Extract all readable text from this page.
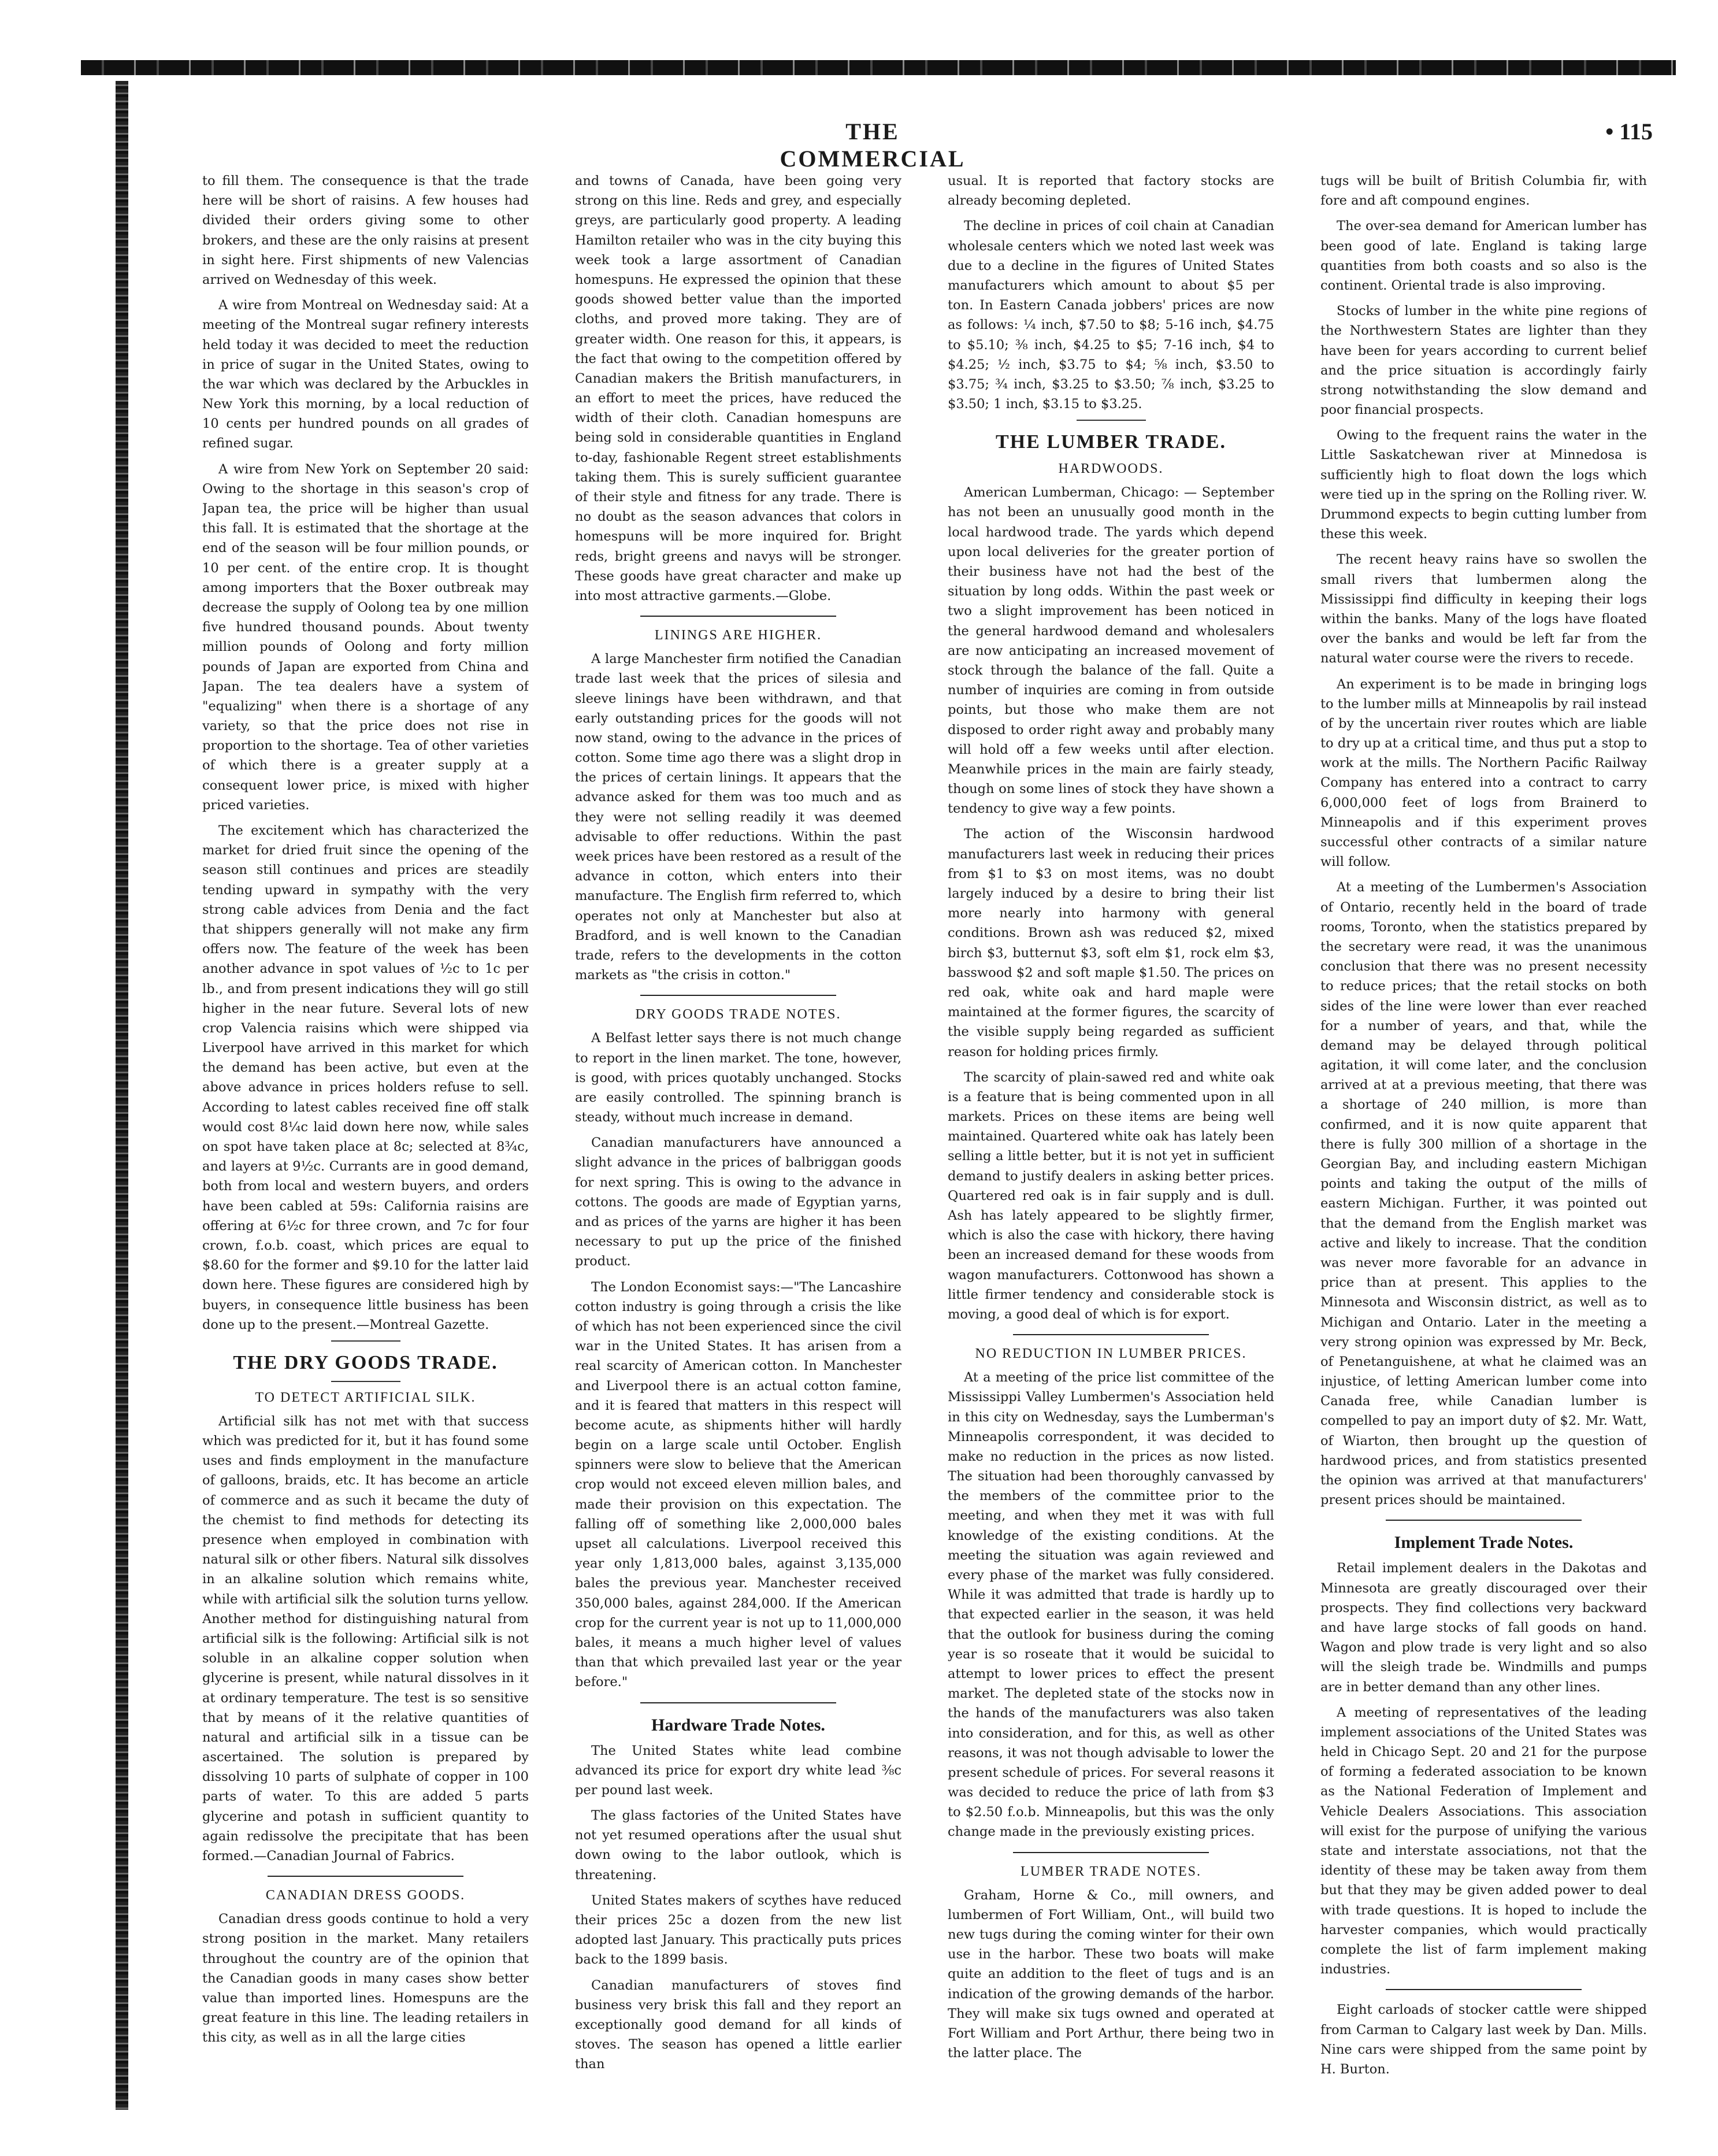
THE COMMERCIAL
• 115

to fill them. The consequence is that the trade here will be short of raisins. A few houses had divided their orders giving some to other brokers, and these are the only raisins at present in sight here. First shipments of new Valencias arrived on Wednesday of this week.

A wire from Montreal on Wednesday said: At a meeting of the Montreal sugar refinery interests held today it was decided to meet the reduction in price of sugar in the United States, owing to the war which was declared by the Arbuckles in New York this morning, by a local reduction of 10 cents per hundred pounds on all grades of refined sugar.

A wire from New York on September 20 said: Owing to the shortage in this season's crop of Japan tea, the price will be higher than usual this fall. It is estimated that the shortage at the end of the season will be four million pounds, or 10 per cent. of the entire crop. It is thought among importers that the Boxer outbreak may decrease the supply of Oolong tea by one million five hundred thousand pounds. About twenty million pounds of Oolong and forty million pounds of Japan are exported from China and Japan. The tea dealers have a system of "equalizing" when there is a shortage of any variety, so that the price does not rise in proportion to the shortage. Tea of other varieties of which there is a greater supply at a consequent lower price, is mixed with higher priced varieties.

The excitement which has characterized the market for dried fruit since the opening of the season still continues and prices are steadily tending upward in sympathy with the very strong cable advices from Denia and the fact that shippers generally will not make any firm offers now. The feature of the week has been another advance in spot values of ½c to 1c per lb., and from present indications they will go still higher in the near future. Several lots of new crop Valencia raisins which were shipped via Liverpool have arrived in this market for which the demand has been active, but even at the above advance in prices holders refuse to sell. According to latest cables received fine off stalk would cost 8¼c laid down here now, while sales on spot have taken place at 8c; selected at 8¾c, and layers at 9½c. Currants are in good demand, both from local and western buyers, and orders have been cabled at 59s: California raisins are offering at 6½c for three crown, and 7c for four crown, f.o.b. coast, which prices are equal to $8.60 for the former and $9.10 for the latter laid down here. These figures are considered high by buyers, in consequence little business has been done up to the present.—Montreal Gazette.

THE DRY GOODS TRADE.
TO DETECT ARTIFICIAL SILK.

Artificial silk has not met with that success which was predicted for it, but it has found some uses and finds employment in the manufacture of galloons, braids, etc. It has become an article of commerce and as such it became the duty of the chemist to find methods for detecting its presence when employed in combination with natural silk or other fibers. Natural silk dissolves in an alkaline solution which remains white, while with artificial silk the solution turns yellow. Another method for distinguishing natural from artificial silk is the following: Artificial silk is not soluble in an alkaline copper solution when glycerine is present, while natural dissolves in it at ordinary temperature. The test is so sensitive that by means of it the relative quantities of natural and artificial silk in a tissue can be ascertained. The solution is prepared by dissolving 10 parts of sulphate of copper in 100 parts of water. To this are added 5 parts glycerine and potash in sufficient quantity to again redissolve the precipitate that has been formed.—Canadian Journal of Fabrics.

CANADIAN DRESS GOODS.

Canadian dress goods continue to hold a very strong position in the market. Many retailers throughout the country are of the opinion that the Canadian goods in many cases show better value than imported lines. Homespuns are the great feature in this line. The leading retailers in this city, as well as in all the large cities

and towns of Canada, have been going very strong on this line. Reds and grey, and especially greys, are particularly good property. A leading Hamilton retailer who was in the city buying this week took a large assortment of Canadian homespuns. He expressed the opinion that these goods showed better value than the imported cloths, and proved more taking. They are of greater width. One reason for this, it appears, is the fact that owing to the competition offered by Canadian makers the British manufacturers, in an effort to meet the prices, have reduced the width of their cloth. Canadian homespuns are being sold in considerable quantities in England to-day, fashionable Regent street establishments taking them. This is surely sufficient guarantee of their style and fitness for any trade. There is no doubt as the season advances that colors in homespuns will be more inquired for. Bright reds, bright greens and navys will be stronger. These goods have great character and make up into most attractive garments.—Globe.

LININGS ARE HIGHER.

A large Manchester firm notified the Canadian trade last week that the prices of silesia and sleeve linings have been withdrawn, and that early outstanding prices for the goods will not now stand, owing to the advance in the prices of cotton. Some time ago there was a slight drop in the prices of certain linings. It appears that the advance asked for them was too much and as they were not selling readily it was deemed advisable to offer reductions. Within the past week prices have been restored as a result of the advance in cotton, which enters into their manufacture. The English firm referred to, which operates not only at Manchester but also at Bradford, and is well known to the Canadian trade, refers to the developments in the cotton markets as "the crisis in cotton."

DRY GOODS TRADE NOTES.

A Belfast letter says there is not much change to report in the linen market. The tone, however, is good, with prices quotably unchanged. Stocks are easily controlled. The spinning branch is steady, without much increase in demand.

Canadian manufacturers have announced a slight advance in the prices of balbriggan goods for next spring. This is owing to the advance in cottons. The goods are made of Egyptian yarns, and as prices of the yarns are higher it has been necessary to put up the price of the finished product.

The London Economist says:—"The Lancashire cotton industry is going through a crisis the like of which has not been experienced since the civil war in the United States. It has arisen from a real scarcity of American cotton. In Manchester and Liverpool there is an actual cotton famine, and it is feared that matters in this respect will become acute, as shipments hither will hardly begin on a large scale until October. English spinners were slow to believe that the American crop would not exceed eleven million bales, and made their provision on this expectation. The falling off of something like 2,000,000 bales upset all calculations. Liverpool received this year only 1,813,000 bales, against 3,135,000 bales the previous year. Manchester received 350,000 bales, against 284,000. If the American crop for the current year is not up to 11,000,000 bales, it means a much higher level of values than that which prevailed last year or the year before."

Hardware Trade Notes.

The United States white lead combine advanced its price for export dry white lead ⅜c per pound last week.

The glass factories of the United States have not yet resumed operations after the usual shut down owing to the labor outlook, which is threatening.

United States makers of scythes have reduced their prices 25c a dozen from the new list adopted last January. This practically puts prices back to the 1899 basis.

Canadian manufacturers of stoves find business very brisk this fall and they report an exceptionally good demand for all kinds of stoves. The season has opened a little earlier than

usual. It is reported that factory stocks are already becoming depleted.

The decline in prices of coil chain at Canadian wholesale centers which we noted last week was due to a decline in the figures of United States manufacturers which amount to about $5 per ton. In Eastern Canada jobbers' prices are now as follows: ¼ inch, $7.50 to $8; 5-16 inch, $4.75 to $5.10; ⅜ inch, $4.25 to $5; 7-16 inch, $4 to $4.25; ½ inch, $3.75 to $4; ⅝ inch, $3.50 to $3.75; ¾ inch, $3.25 to $3.50; ⅞ inch, $3.25 to $3.50; 1 inch, $3.15 to $3.25.

THE LUMBER TRADE.
HARDWOODS.

American Lumberman, Chicago: — September has not been an unusually good month in the local hardwood trade. The yards which depend upon local deliveries for the greater portion of their business have not had the best of the situation by long odds. Within the past week or two a slight improvement has been noticed in the general hardwood demand and wholesalers are now anticipating an increased movement of stock through the balance of the fall. Quite a number of inquiries are coming in from outside points, but those who make them are not disposed to order right away and probably many will hold off a few weeks until after election. Meanwhile prices in the main are fairly steady, though on some lines of stock they have shown a tendency to give way a few points.

The action of the Wisconsin hardwood manufacturers last week in reducing their prices from $1 to $3 on most items, was no doubt largely induced by a desire to bring their list more nearly into harmony with general conditions. Brown ash was reduced $2, mixed birch $3, butternut $3, soft elm $1, rock elm $3, basswood $2 and soft maple $1.50. The prices on red oak, white oak and hard maple were maintained at the former figures, the scarcity of the visible supply being regarded as sufficient reason for holding prices firmly.

The scarcity of plain-sawed red and white oak is a feature that is being commented upon in all markets. Prices on these items are being well maintained. Quartered white oak has lately been selling a little better, but it is not yet in sufficient demand to justify dealers in asking better prices. Quartered red oak is in fair supply and is dull. Ash has lately appeared to be slightly firmer, which is also the case with hickory, there having been an increased demand for these woods from wagon manufacturers. Cottonwood has shown a little firmer tendency and considerable stock is moving, a good deal of which is for export.

NO REDUCTION IN LUMBER PRICES.

At a meeting of the price list committee of the Mississippi Valley Lumbermen's Association held in this city on Wednesday, says the Lumberman's Minneapolis correspondent, it was decided to make no reduction in the prices as now listed. The situation had been thoroughly canvassed by the members of the committee prior to the meeting, and when they met it was with full knowledge of the existing conditions. At the meeting the situation was again reviewed and every phase of the market was fully considered. While it was admitted that trade is hardly up to that expected earlier in the season, it was held that the outlook for business during the coming year is so roseate that it would be suicidal to attempt to lower prices to effect the present market. The depleted state of the stocks now in the hands of the manufacturers was also taken into consideration, and for this, as well as other reasons, it was not though advisable to lower the present schedule of prices. For several reasons it was decided to reduce the price of lath from $3 to $2.50 f.o.b. Minneapolis, but this was the only change made in the previously existing prices.

LUMBER TRADE NOTES.

Graham, Horne & Co., mill owners, and lumbermen of Fort William, Ont., will build two new tugs during the coming winter for their own use in the harbor. These two boats will make quite an addition to the fleet of tugs and is an indication of the growing demands of the harbor. They will make six tugs owned and operated at Fort William and Port Arthur, there being two in the latter place. The

tugs will be built of British Columbia fir, with fore and aft compound engines.

The over-sea demand for American lumber has been good of late. England is taking large quantities from both coasts and so also is the continent. Oriental trade is also improving.

Stocks of lumber in the white pine regions of the Northwestern States are lighter than they have been for years according to current belief and the price situation is accordingly fairly strong notwithstanding the slow demand and poor financial prospects.

Owing to the frequent rains the water in the Little Saskatchewan river at Minnedosa is sufficiently high to float down the logs which were tied up in the spring on the Rolling river. W. Drummond expects to begin cutting lumber from these this week.

The recent heavy rains have so swollen the small rivers that lumbermen along the Mississippi find difficulty in keeping their logs within the banks. Many of the logs have floated over the banks and would be left far from the natural water course were the rivers to recede.

An experiment is to be made in bringing logs to the lumber mills at Minneapolis by rail instead of by the uncertain river routes which are liable to dry up at a critical time, and thus put a stop to work at the mills. The Northern Pacific Railway Company has entered into a contract to carry 6,000,000 feet of logs from Brainerd to Minneapolis and if this experiment proves successful other contracts of a similar nature will follow.

At a meeting of the Lumbermen's Association of Ontario, recently held in the board of trade rooms, Toronto, when the statistics prepared by the secretary were read, it was the unanimous conclusion that there was no present necessity to reduce prices; that the retail stocks on both sides of the line were lower than ever reached for a number of years, and that, while the demand may be delayed through political agitation, it will come later, and the conclusion arrived at at a previous meeting, that there was a shortage of 240 million, is more than confirmed, and it is now quite apparent that there is fully 300 million of a shortage in the Georgian Bay, and including eastern Michigan points and taking the output of the mills of eastern Michigan. Further, it was pointed out that the demand from the English market was active and likely to increase. That the condition was never more favorable for an advance in price than at present. This applies to the Minnesota and Wisconsin district, as well as to Michigan and Ontario. Later in the meeting a very strong opinion was expressed by Mr. Beck, of Penetanguishene, at what he claimed was an injustice, of letting American lumber come into Canada free, while Canadian lumber is compelled to pay an import duty of $2. Mr. Watt, of Wiarton, then brought up the question of hardwood prices, and from statistics presented the opinion was arrived at that manufacturers' present prices should be maintained.

Implement Trade Notes.

Retail implement dealers in the Dakotas and Minnesota are greatly discouraged over their prospects. They find collections very backward and have large stocks of fall goods on hand. Wagon and plow trade is very light and so also will the sleigh trade be. Windmills and pumps are in better demand than any other lines.

A meeting of representatives of the leading implement associations of the United States was held in Chicago Sept. 20 and 21 for the purpose of forming a federated association to be known as the National Federation of Implement and Vehicle Dealers Associations. This association will exist for the purpose of unifying the various state and interstate associations, not that the identity of these may be taken away from them but that they may be given added power to deal with trade questions. It is hoped to include the harvester companies, which would practically complete the list of farm implement making industries.

Eight carloads of stocker cattle were shipped from Carman to Calgary last week by Dan. Mills. Nine cars were shipped from the same point by H. Burton.
